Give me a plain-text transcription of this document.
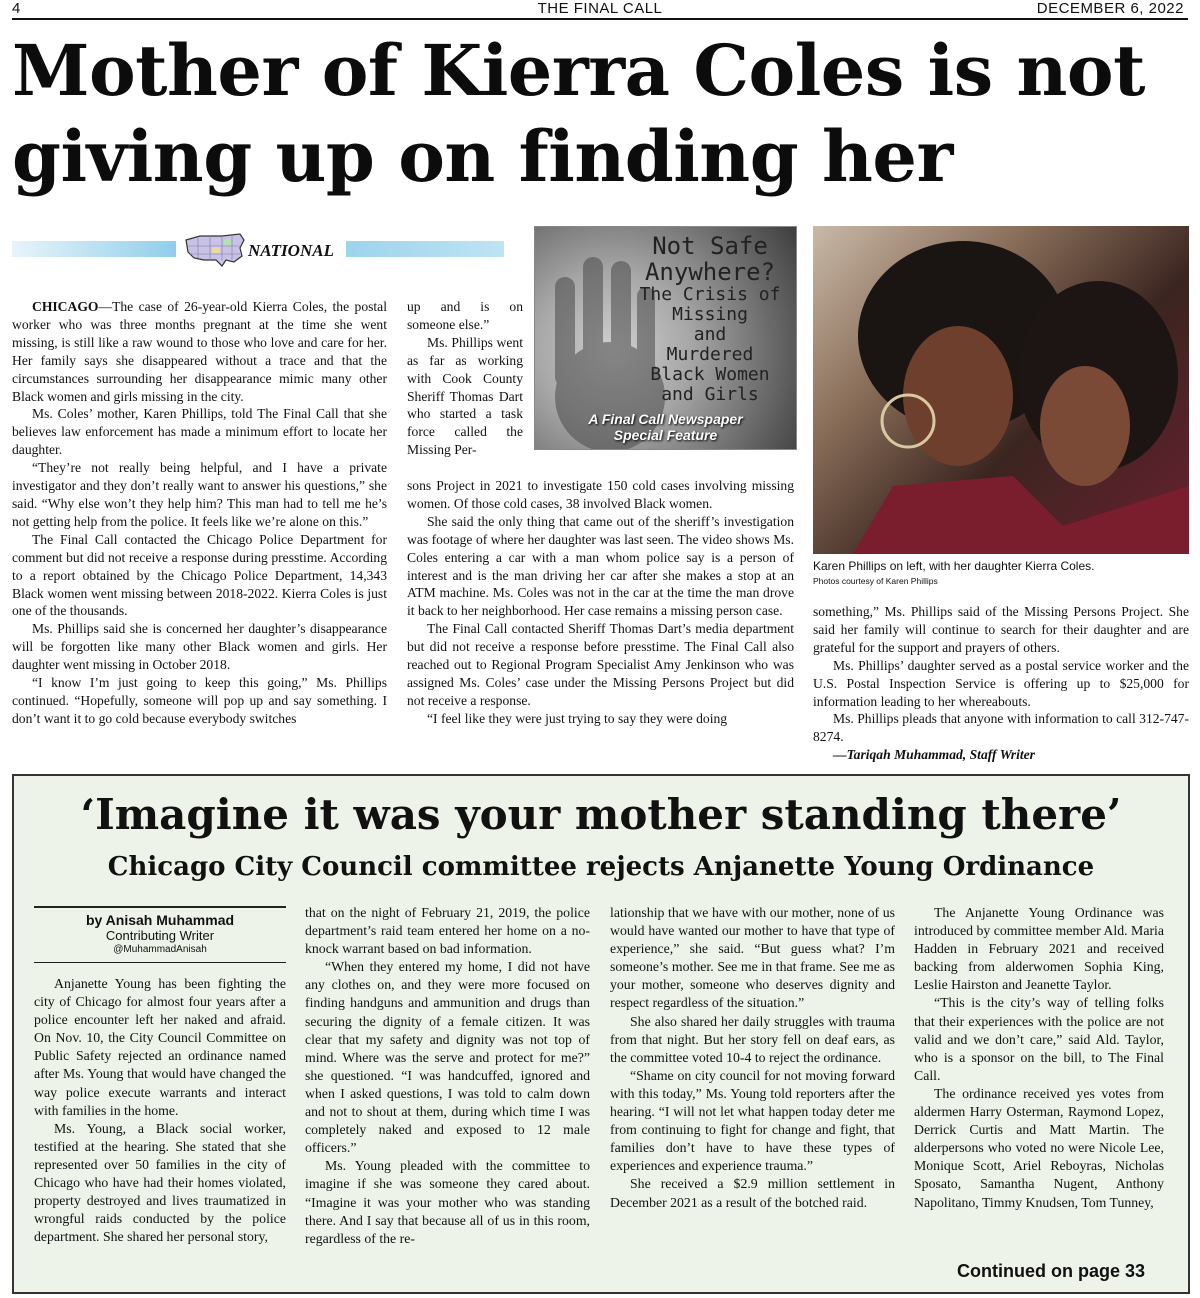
4	THE FINAL CALL	DECEMBER 6, 2022
Mother of Kierra Coles is not giving up on finding her
NATIONAL

CHICAGO—The case of 26-year-old Kierra Coles, the postal worker who was three months pregnant at the time she went missing, is still like a raw wound to those who love and care for her. Her family says she disappeared without a trace and that the circumstances surrounding her disappearance mimic many other Black women and girls missing in the city.

Ms. Coles’ mother, Karen Phillips, told The Final Call that she believes law enforcement has made a minimum effort to locate her daughter.

“They’re not really being helpful, and I have a private investigator and they don’t really want to answer his questions,” she said. “Why else won’t they help him? This man had to tell me he’s not getting help from the police. It feels like we’re alone on this.”

The Final Call contacted the Chicago Police Department for comment but did not receive a response during presstime. According to a report obtained by the Chicago Police Department, 14,343 Black women went missing between 2018-2022. Kierra Coles is just one of the thousands.

Ms. Phillips said she is concerned her daughter’s disappearance will be forgotten like many other Black women and girls. Her daughter went missing in October 2018.

“I know I’m just going to keep this going,” Ms. Phillips continued. “Hopefully, someone will pop up and say something. I don’t want it to go cold because everybody switches

up and is on someone else.”

Ms. Phillips went as far as working with Cook County Sheriff Thomas Dart who started a task force called the Missing Per-

Not Safe
Anywhere?
The Crisis of
Missing
and
Murdered
Black Women
and Girls
A Final Call Newspaper
Special Feature

sons Project in 2021 to investigate 150 cold cases involving missing women. Of those cold cases, 38 involved Black women.

She said the only thing that came out of the sheriff’s investigation was footage of where her daughter was last seen. The video shows Ms. Coles entering a car with a man whom police say is a person of interest and is the man driving her car after she makes a stop at an ATM machine. Ms. Coles was not in the car at the time the man drove it back to her neighborhood. Her case remains a missing person case.

The Final Call contacted Sheriff Thomas Dart’s media department but did not receive a response before presstime. The Final Call also reached out to Regional Program Specialist Amy Jenkinson who was assigned Ms. Coles’ case under the Missing Persons Project but did not receive a response.

“I feel like they were just trying to say they were doing

Karen Phillips on left, with her daughter Kierra Coles.
Photos courtesy of Karen Phillips

something,” Ms. Phillips said of the Missing Persons Project. She said her family will continue to search for their daughter and are grateful for the support and prayers of others.

Ms. Phillips’ daughter served as a postal service worker and the U.S. Postal Inspection Service is offering up to $25,000 for information leading to her whereabouts.

Ms. Phillips pleads that anyone with information to call 312-747-8274.

—Tariqah Muhammad, Staff Writer

‘Imagine it was your mother standing there’
Chicago City Council committee rejects Anjanette Young Ordinance
by Anisah Muhammad
Contributing Writer
@MuhammadAnisah

Anjanette Young has been fighting the city of Chicago for almost four years after a police encounter left her naked and afraid. On Nov. 10, the City Council Committee on Public Safety rejected an ordinance named after Ms. Young that would have changed the way police execute warrants and interact with families in the home.

Ms. Young, a Black social worker, testified at the hearing. She stated that she represented over 50 families in the city of Chicago who have had their homes violated, property destroyed and lives traumatized in wrongful raids conducted by the police department. She shared her personal story,

that on the night of February 21, 2019, the police department’s raid team entered her home on a no-knock warrant based on bad information.

“When they entered my home, I did not have any clothes on, and they were more focused on finding handguns and ammunition and drugs than securing the dignity of a female citizen. It was clear that my safety and dignity was not top of mind. Where was the serve and protect for me?” she questioned. “I was handcuffed, ignored and when I asked questions, I was told to calm down and not to shout at them, during which time I was completely naked and exposed to 12 male officers.”

Ms. Young pleaded with the committee to imagine if she was someone they cared about. “Imagine it was your mother who was standing there. And I say that because all of us in this room, regardless of the re-

lationship that we have with our mother, none of us would have wanted our mother to have that type of experience,” she said. “But guess what? I’m someone’s mother. See me in that frame. See me as your mother, someone who deserves dignity and respect regardless of the situation.”

She also shared her daily struggles with trauma from that night. But her story fell on deaf ears, as the committee voted 10-4 to reject the ordinance.

“Shame on city council for not moving forward with this today,” Ms. Young told reporters after the hearing. “I will not let what happen today deter me from continuing to fight for change and fight, that families don’t have to have these types of experiences and experience trauma.”

She received a $2.9 million settlement in December 2021 as a result of the botched raid.

The Anjanette Young Ordinance was introduced by committee member Ald. Maria Hadden in February 2021 and received backing from alderwomen Sophia King, Leslie Hairston and Jeanette Taylor.

“This is the city’s way of telling folks that their experiences with the police are not valid and we don’t care,” said Ald. Taylor, who is a sponsor on the bill, to The Final Call.

The ordinance received yes votes from aldermen Harry Osterman, Raymond Lopez, Derrick Curtis and Matt Martin. The alderpersons who voted no were Nicole Lee, Monique Scott, Ariel Reboyras, Nicholas Sposato, Samantha Nugent, Anthony Napolitano, Timmy Knudsen, Tom Tunney,

Continued on page 33
